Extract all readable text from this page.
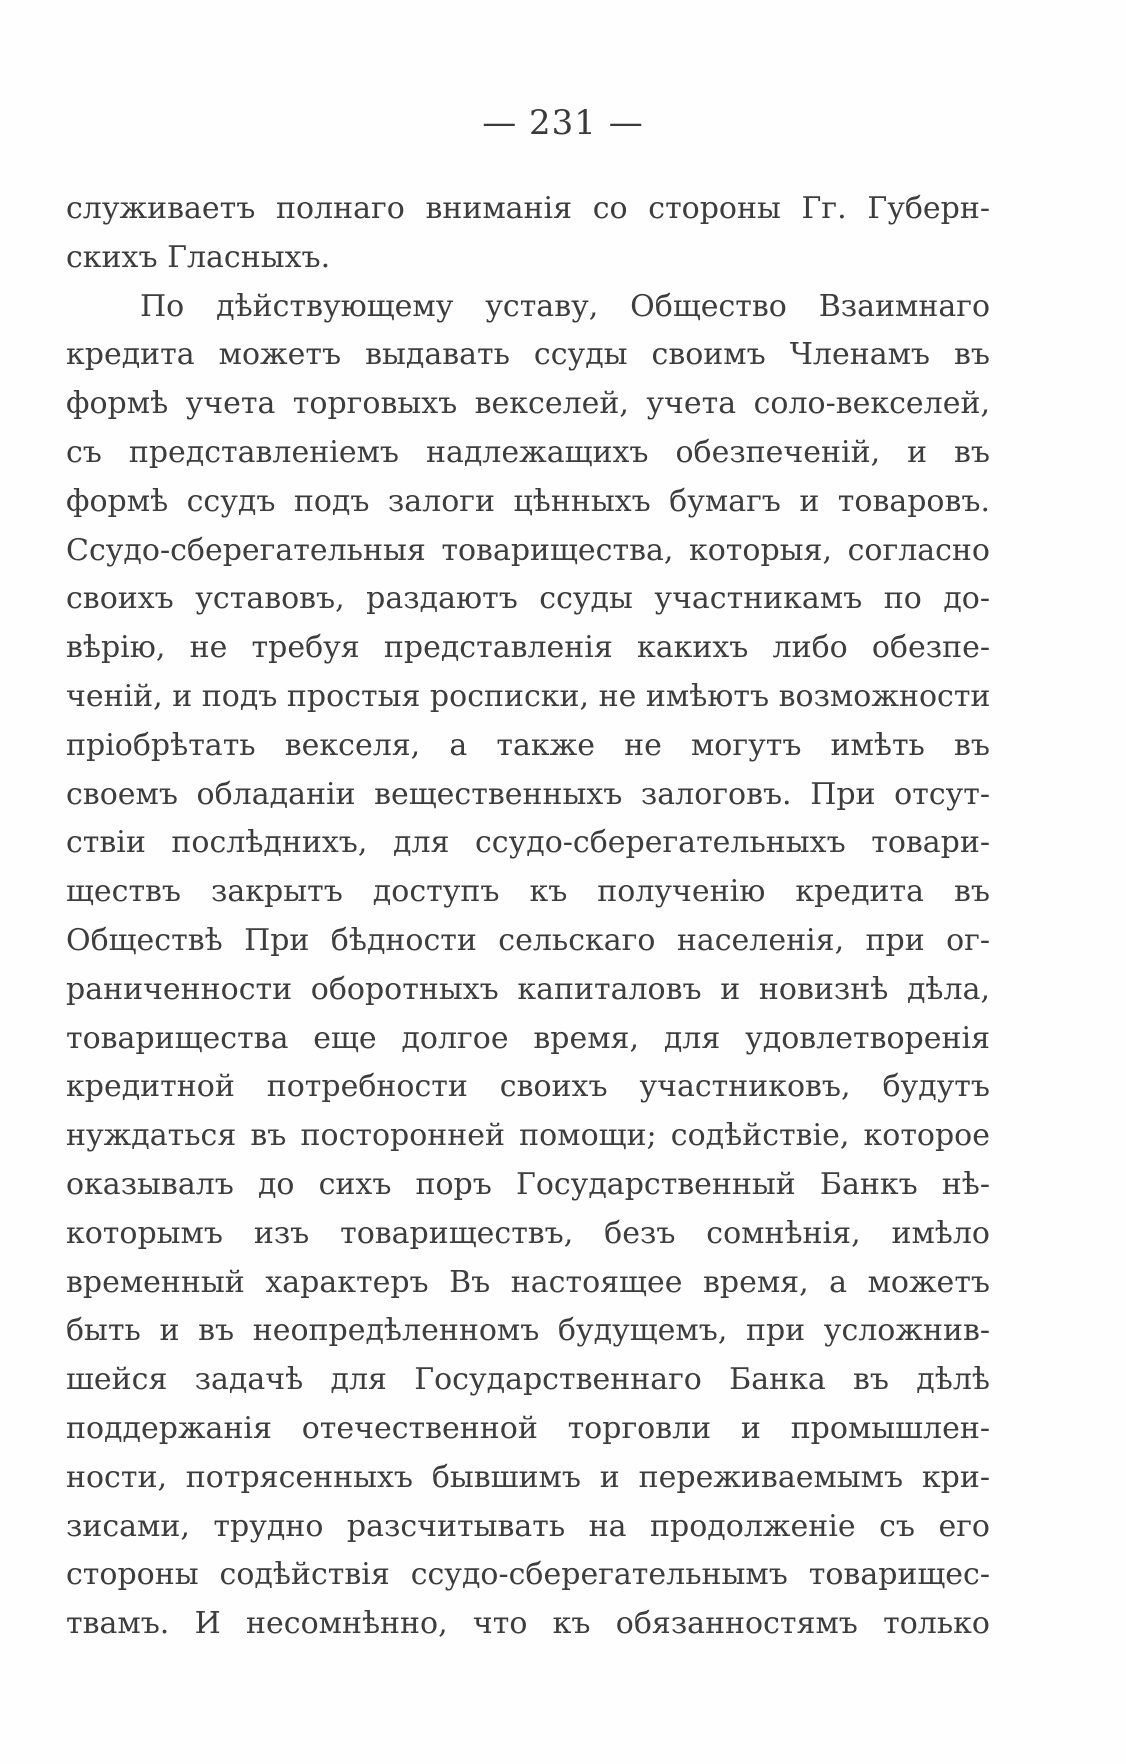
— 231 —
служиваетъ полнаго вниманія со стороны Гг. Губерн-
скихъ Гласныхъ.
По дѣйствующему уставу, Общество Взаимнаго
кредита можетъ выдавать ссуды своимъ Членамъ въ
формѣ учета торговыхъ векселей, учета соло-векселей,
съ представленіемъ надлежащихъ обезпеченій, и въ
формѣ ссудъ подъ залоги цѣнныхъ бумагъ и товаровъ.
Ссудо-сберегательныя товарищества, которыя, согласно
своихъ уставовъ, раздаютъ ссуды участникамъ по до-
вѣрію, не требуя представленія какихъ либо обезпе-
ченій, и подъ простыя росписки, не имѣютъ возможности
пріобрѣтать векселя, а также не могутъ имѣть въ
своемъ обладаніи вещественныхъ залоговъ. При отсут-
ствіи послѣднихъ, для ссудо-сберегательныхъ товари-
ществъ закрытъ доступъ къ полученію кредита въ
Обществѣ При бѣдности сельскаго населенія, при ог-
раниченности оборотныхъ капиталовъ и новизнѣ дѣла,
товарищества еще долгое время, для удовлетворенія
кредитной потребности своихъ участниковъ, будутъ
нуждаться въ посторонней помощи; содѣйствіе, которое
оказывалъ до сихъ поръ Государственный Банкъ нѣ-
которымъ изъ товариществъ, безъ сомнѣнія, имѣло
временный характеръ Въ настоящее время, а можетъ
быть и въ неопредѣленномъ будущемъ, при усложнив-
шейся задачѣ для Государственнаго Банка въ дѣлѣ
поддержанія отечественной торговли и промышлен-
ности, потрясенныхъ бывшимъ и переживаемымъ кри-
зисами, трудно разсчитывать на продолженіе съ его
стороны содѣйствія ссудо-сберегательнымъ товарищес-
твамъ. И несомнѣнно, что къ обязанностямъ только
